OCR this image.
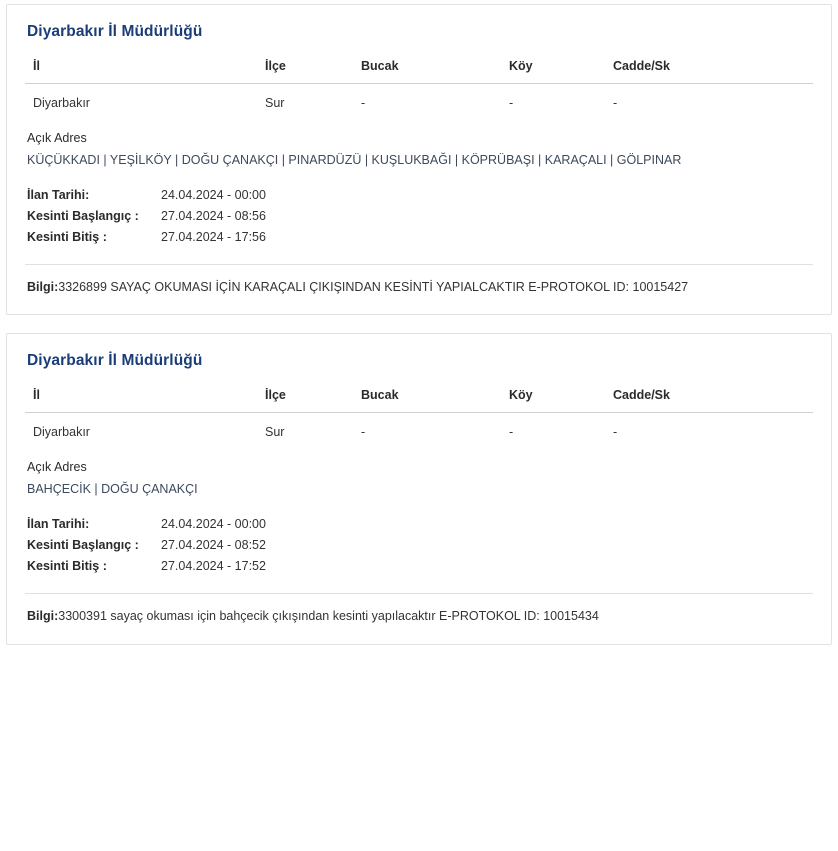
Diyarbakır İl Müdürlüğü
İl	İlçe	Bucak	Köy	Cadde/Sk
Diyarbakır	Sur	-	-	-
Açık Adres
KÜÇÜKKADI | YEŞİLKÖY | DOĞU ÇANAKÇI | PINARDÜZÜ | KUŞLUKBAĞI | KÖPRÜBAŞI | KARAÇALI | GÖLPINAR
İlan Tarihi:	24.04.2024 - 00:00
Kesinti Başlangıç :	27.04.2024 - 08:56
Kesinti Bitiş :	27.04.2024 - 17:56
Bilgi:3326899 SAYAÇ OKUMASI İÇİN KARAÇALI ÇIKIŞINDAN KESİNTİ YAPIALCAKTIR E-PROTOKOL ID: 10015427
Diyarbakır İl Müdürlüğü
İl	İlçe	Bucak	Köy	Cadde/Sk
Diyarbakır	Sur	-	-	-
Açık Adres
BAHÇECİK | DOĞU ÇANAKÇI
İlan Tarihi:	24.04.2024 - 00:00
Kesinti Başlangıç :	27.04.2024 - 08:52
Kesinti Bitiş :	27.04.2024 - 17:52
Bilgi:3300391 sayaç okuması için bahçecik çıkışından kesinti yapılacaktır E-PROTOKOL ID: 10015434
